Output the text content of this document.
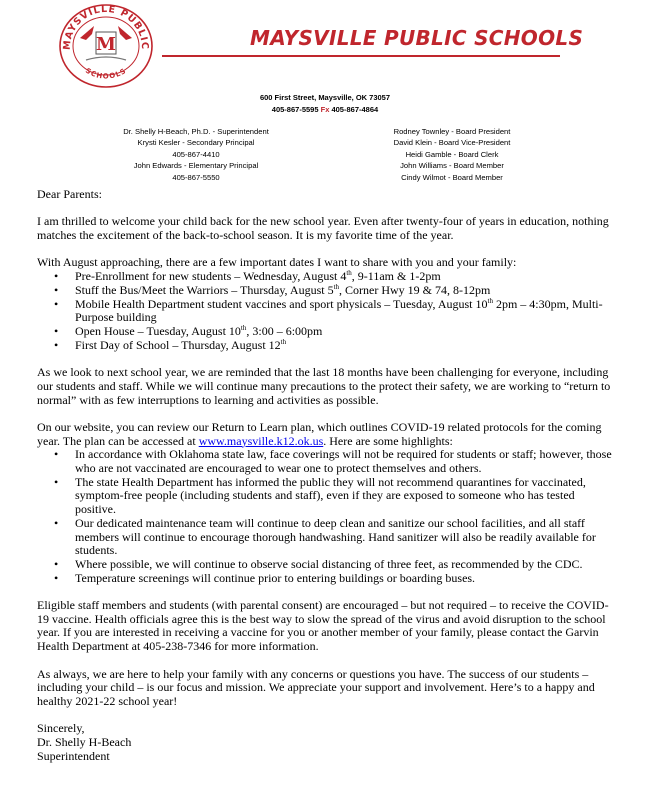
MAYSVILLE PUBLIC
SCHOOLS
M	MAYSVILLE PUBLIC SCHOOLS
600 First Street, Maysville, OK 73057
405-867-5595 Fx 405-867-4864
Dr. Shelly H-Beach, Ph.D. - Superintendent
Krysti Kesler - Secondary Principal
405-867-4410
John Edwards - Elementary Principal
405-867-5550
Rodney Townley - Board President
David Klein - Board Vice-President
Heidi Gamble - Board Clerk
John Williams - Board Member
Cindy Wilmot - Board Member

Dear Parents:

I am thrilled to welcome your child back for the new school year. Even after twenty-four of years in education, nothing matches the excitement of the back-to-school season. It is my favorite time of the year.

With August approaching, there are a few important dates I want to share with you and your family:

• Pre-Enrollment for new students – Wednesday, August 4th, 9-11am & 1-2pm
• Stuff the Bus/Meet the Warriors – Thursday, August 5th, Corner Hwy 19 & 74, 8-12pm
• Mobile Health Department student vaccines and sport physicals – Tuesday, August 10th 2pm – 4:30pm, Multi-Purpose building
• Open House – Tuesday, August 10th, 3:00 – 6:00pm
• First Day of School – Thursday, August 12th

As we look to next school year, we are reminded that the last 18 months have been challenging for everyone, including our students and staff. While we will continue many precautions to the protect their safety, we are working to “return to normal” with as few interruptions to learning and activities as possible.

On our website, you can review our Return to Learn plan, which outlines COVID-19 related protocols for the coming year. The plan can be accessed at www.maysville.k12.ok.us. Here are some highlights:

• In accordance with Oklahoma state law, face coverings will not be required for students or staff; however, those who are not vaccinated are encouraged to wear one to protect themselves and others.
• The state Health Department has informed the public they will not recommend quarantines for vaccinated, symptom-free people (including students and staff), even if they are exposed to someone who has tested positive.
• Our dedicated maintenance team will continue to deep clean and sanitize our school facilities, and all staff members will continue to encourage thorough handwashing. Hand sanitizer will also be readily available for students.
• Where possible, we will continue to observe social distancing of three feet, as recommended by the CDC.
• Temperature screenings will continue prior to entering buildings or boarding buses.

Eligible staff members and students (with parental consent) are encouraged – but not required – to receive the COVID-19 vaccine. Health officials agree this is the best way to slow the spread of the virus and avoid disruption to the school year. If you are interested in receiving a vaccine for you or another member of your family, please contact the Garvin Health Department at 405-238-7346 for more information.

As always, we are here to help your family with any concerns or questions you have. The success of our students – including your child – is our focus and mission. We appreciate your support and involvement. Here’s to a happy and healthy 2021-22 school year!

Sincerely,

Dr. Shelly H-Beach

Superintendent
